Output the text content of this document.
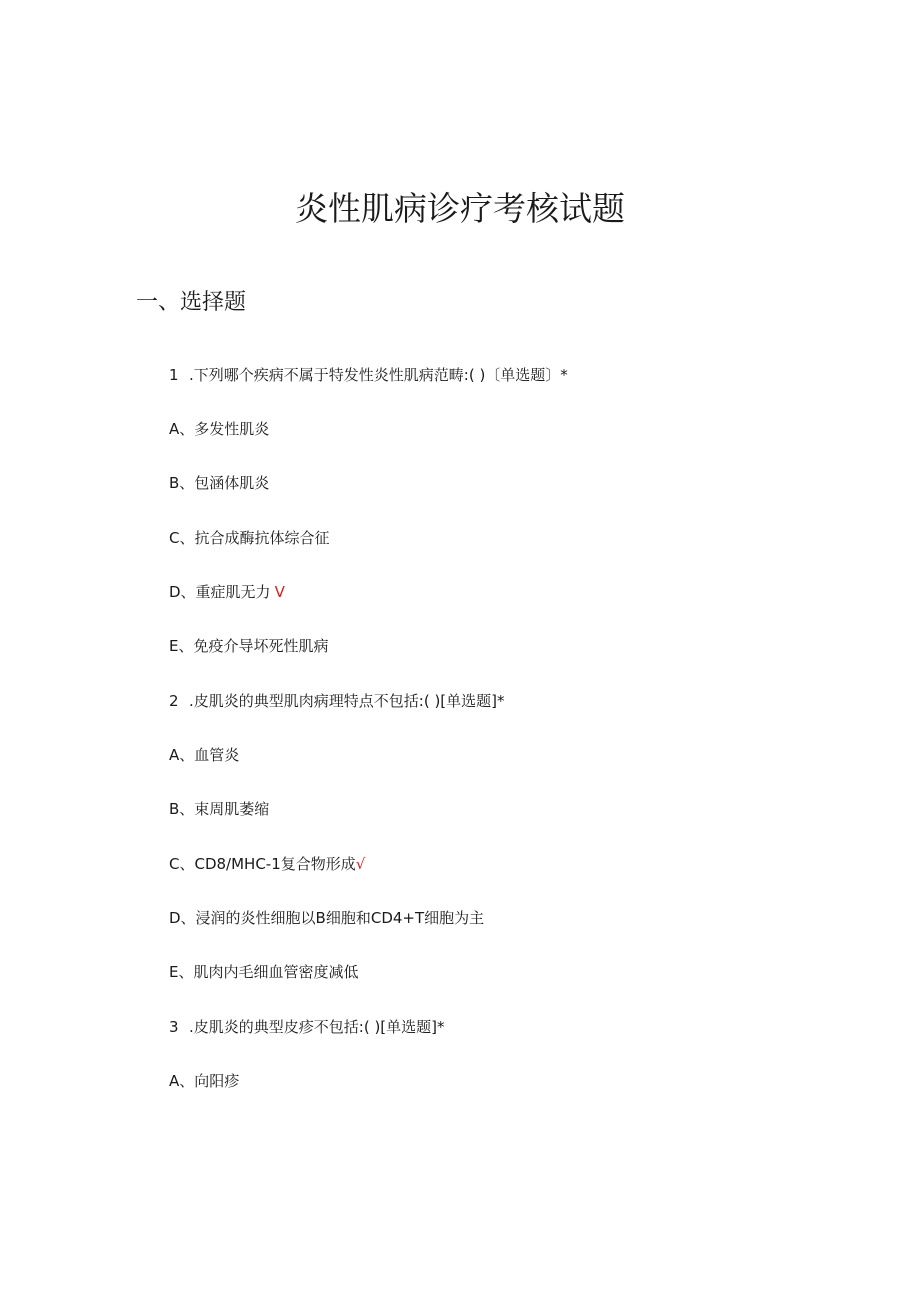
炎性肌病诊疗考核试题
一、选择题
1 .下列哪个疾病不属于特发性炎性肌病范畴:( )〔单选题〕*
A、多发性肌炎
B、包涵体肌炎
C、抗合成酶抗体综合征
D、重症肌无力 V
E、免疫介导坏死性肌病
2 .皮肌炎的典型肌肉病理特点不包括:( )[单选题]*
A、血管炎
B、束周肌萎缩
C、CD8/MHC-1复合物形成√
D、浸润的炎性细胞以B细胞和CD4+T细胞为主
E、肌肉内毛细血管密度减低
3 .皮肌炎的典型皮疹不包括:( )[单选题]*
A、向阳疹
